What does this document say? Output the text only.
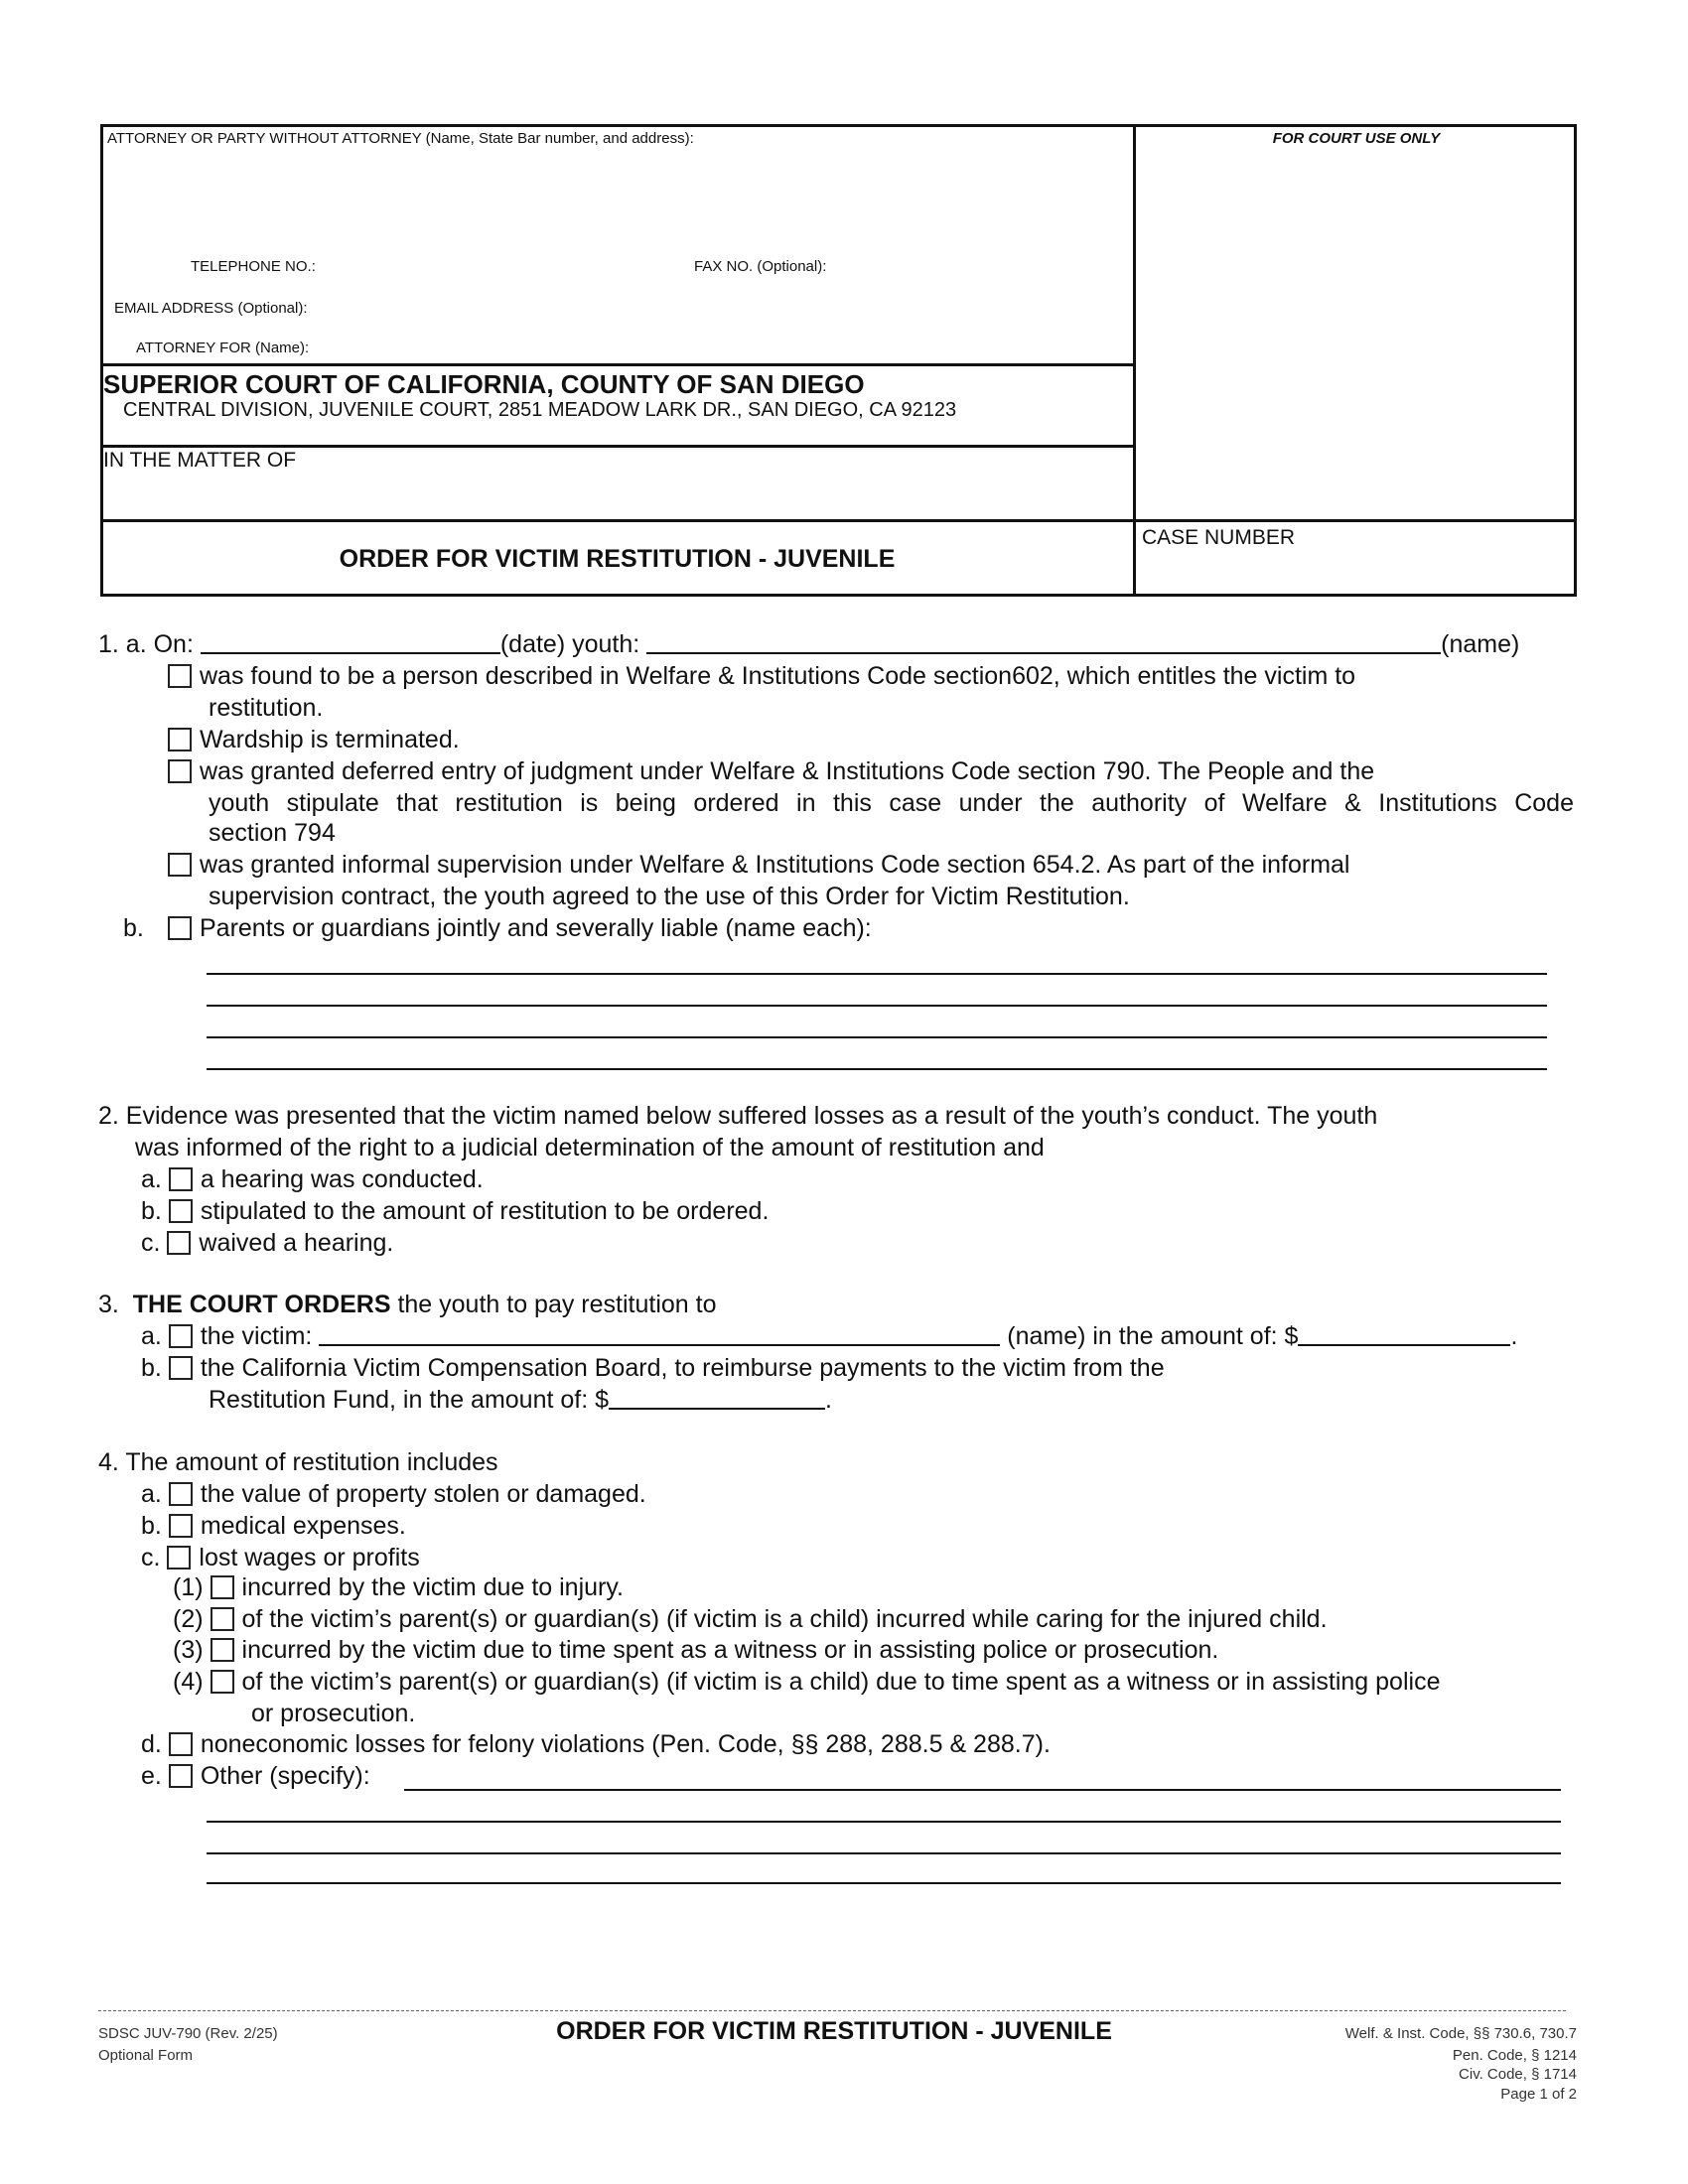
ATTORNEY OR PARTY WITHOUT ATTORNEY (Name, State Bar number, and address):
TELEPHONE NO.:	FAX NO. (Optional):
EMAIL ADDRESS (Optional):
ATTORNEY FOR (Name):
FOR COURT USE ONLY
SUPERIOR COURT OF CALIFORNIA, COUNTY OF SAN DIEGO
CENTRAL DIVISION, JUVENILE COURT, 2851 MEADOW LARK DR., SAN DIEGO, CA 92123
IN THE MATTER OF
ORDER FOR VICTIM RESTITUTION - JUVENILE
CASE NUMBER
1. a. On:	(date) youth:	(name)
was found to be a person described in Welfare & Institutions Code section602, which entitles the victim to
restitution.
Wardship is terminated.
was granted deferred entry of judgment under Welfare & Institutions Code section 790. The People and the
youth stipulate that restitution is being ordered in this case under the authority of Welfare & Institutions Code
section 794
was granted informal supervision under Welfare & Institutions Code section 654.2. As part of the informal
supervision contract, the youth agreed to the use of this Order for Victim Restitution.
b.	Parents or guardians jointly and severally liable (name each):
2. Evidence was presented that the victim named below suffered losses as a result of the youth’s conduct. The youth
was informed of the right to a judicial determination of the amount of restitution and
a. a hearing was conducted.
b. stipulated to the amount of restitution to be ordered.
c. waived a hearing.
3. THE COURT ORDERS the youth to pay restitution to
a. the victim:	(name) in the amount of: $	.
b. the California Victim Compensation Board, to reimburse payments to the victim from the
Restitution Fund, in the amount of: $	.
4. The amount of restitution includes
a. the value of property stolen or damaged.
b. medical expenses.
c. lost wages or profits
(1) incurred by the victim due to injury.
(2) of the victim’s parent(s) or guardian(s) (if victim is a child) incurred while caring for the injured child.
(3) incurred by the victim due to time spent as a witness or in assisting police or prosecution.
(4) of the victim’s parent(s) or guardian(s) (if victim is a child) due to time spent as a witness or in assisting police
or prosecution.
d. noneconomic losses for felony violations (Pen. Code, §§ 288, 288.5 & 288.7).
e. Other (specify):
SDSC JUV-790 (Rev. 2/25)
Optional Form
ORDER FOR VICTIM RESTITUTION - JUVENILE	Welf. & Inst. Code, §§ 730.6, 730.7
Pen. Code, § 1214
Civ. Code, § 1714
Page 1 of 2
